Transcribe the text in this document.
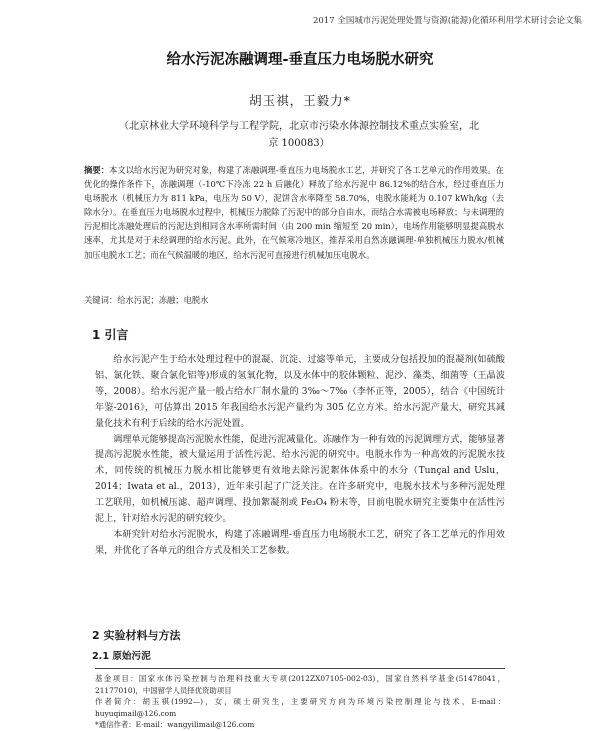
2017 全国城市污泥处理处置与资源(能源)化循环利用学术研讨会论文集
给水污泥冻融调理-垂直压力电场脱水研究
胡玉祺，王毅力*
（北京林业大学环境科学与工程学院，北京市污染水体源控制技术重点实验室，北京 100083）
摘要：本文以给水污泥为研究对象，构建了冻融调理-垂直压力电场脱水工艺，并研究了各工艺单元的作用效果。在优化的操作条件下，冻融调理（-10℃下冷冻 22 h 后融化）释放了给水污泥中 86.12%的结合水，经过垂直压力电场脱水（机械压力为 811 kPa，电压为 50 V），泥饼含水率降至 58.70%，电脱水能耗为 0.107 kWh/kg（去除水分）。在垂直压力电场脱水过程中，机械压力脱除了污泥中的部分自由水，而结合水需被电场释放；与未调理的污泥相比冻融处理后的污泥达到相同含水率所需时间（由 200 min 缩短至 20 min），电场作用能够明显提高脱水速率，尤其是对于未经调理的给水污泥。此外，在气候寒冷地区，推荐采用自然冻融调理-单独机械压力脱水/机械加压电脱水工艺；而在气候温暖的地区，给水污泥可直接进行机械加压电脱水。
关键词：给水污泥；冻融；电脱水
1 引言

给水污泥产生于给水处理过程中的混凝、沉淀、过滤等单元，主要成分包括投加的混凝剂(如硫酸铝、氯化铁、聚合氯化铝等)形成的氢氧化物，以及水体中的胶体颗粒、泥沙、藻类、细菌等（王晶波等，2008）。给水污泥产量一般占给水厂制水量的 3‰～7‰（李怀正等，2005），结合《中国统计年鉴-2016》，可估算出 2015 年我国给水污泥产量约为 305 亿立方米。给水污泥产量大，研究其减量化技术有利于后续的给水污泥处置。

调理单元能够提高污泥脱水性能，促进污泥减量化。冻融作为一种有效的污泥调理方式，能够显著提高污泥脱水性能，被大量运用于活性污泥、给水污泥的研究中。电脱水作为一种高效的污泥脱水技术，同传统的机械压力脱水相比能够更有效地去除污泥絮体体系中的水分（Tunçal and Uslu，2014；Iwata et al.，2013），近年来引起了广泛关注。在许多研究中，电脱水技术与多种污泥处理工艺联用，如机械压滤、超声调理、投加絮凝剂或 Fe₃O₄ 粉末等，目前电脱水研究主要集中在活性污泥上，针对给水污泥的研究较少。

本研究针对给水污泥脱水，构建了冻融调理-垂直压力电场脱水工艺，研究了各工艺单元的作用效果，并优化了各单元的组合方式及相关工艺参数。

2 实验材料与方法
2.1 原始污泥

基金项目：国家水体污染控制与治理科技重大专项(2012ZX07105-002-03)，国家自然科学基金(51478041，21177010)，中国留学人员择优资助项目

作者简介：胡玉祺(1992—)，女，硕士研究生，主要研究方向为环境污染控制理论与技术，E-mail：huyuqimail@126.com

*通信作者：E-mail：wangyilimail@126.com
